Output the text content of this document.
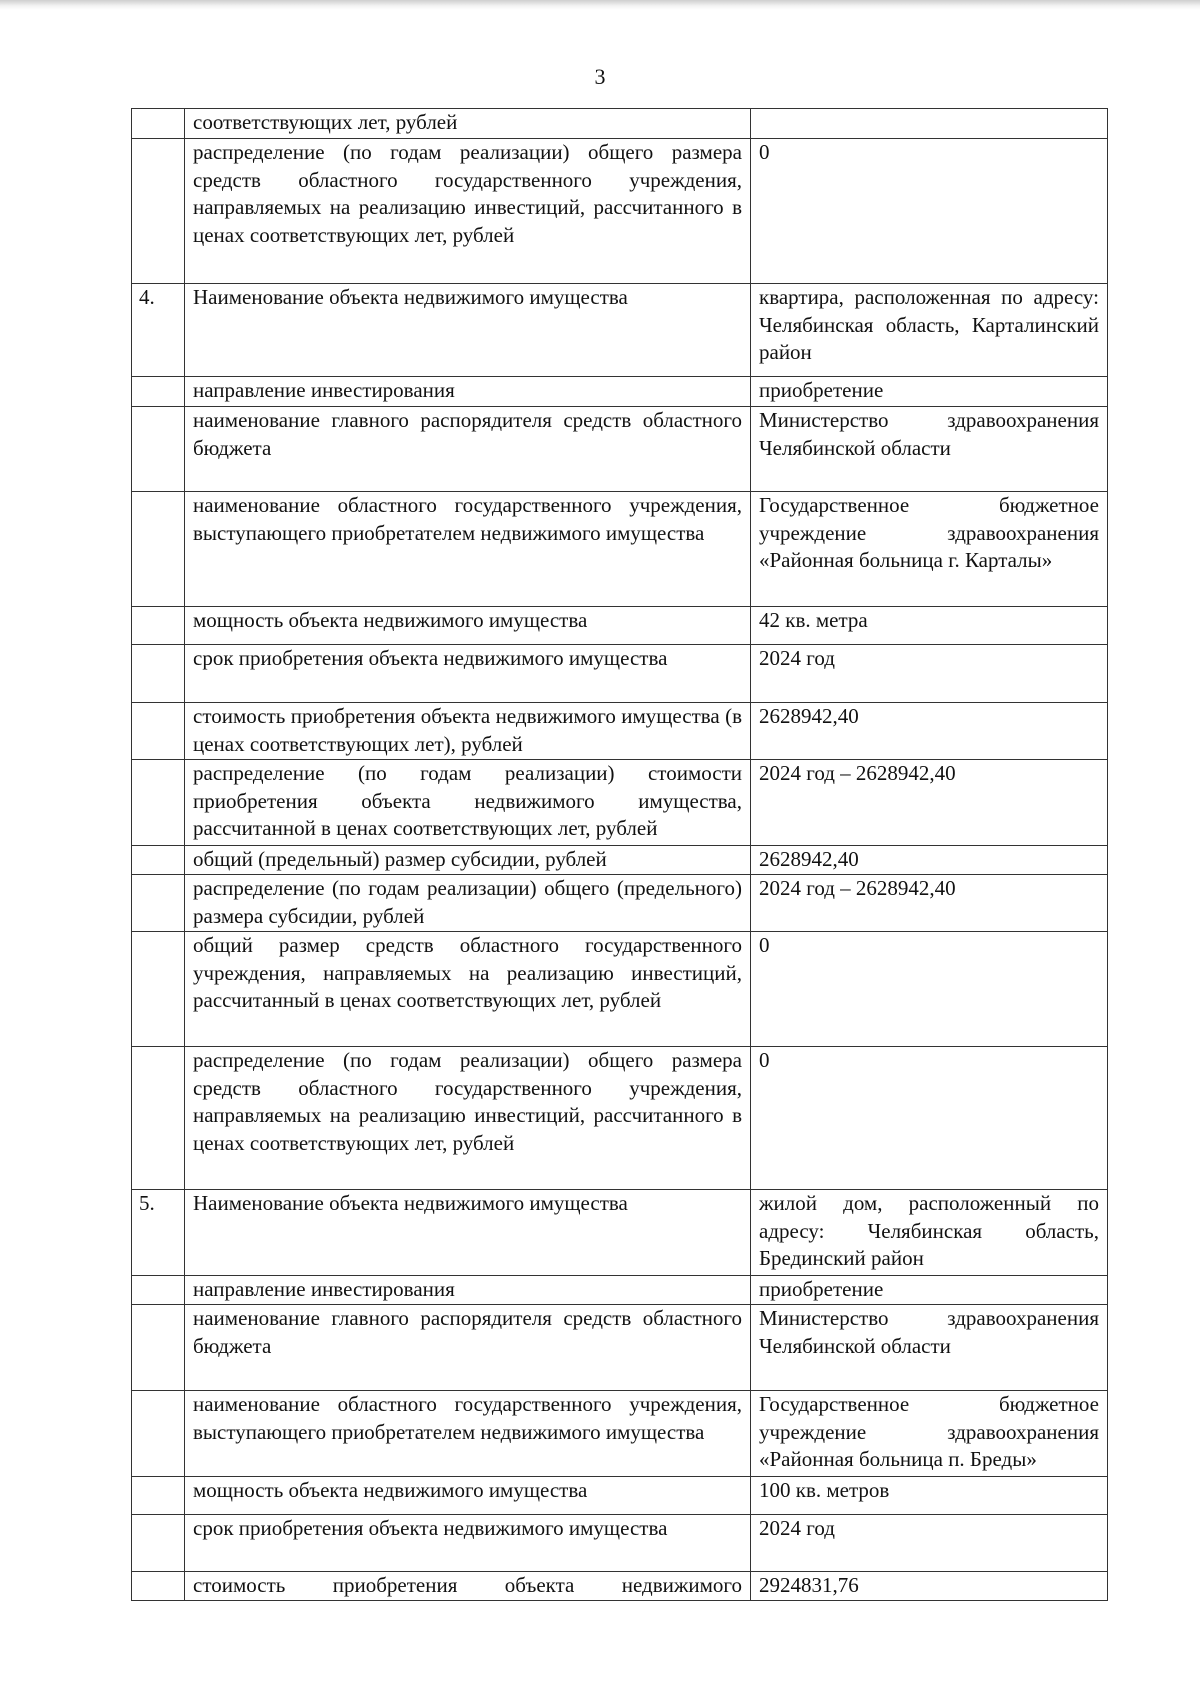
3
	соответствующих лет, рублей	
	распределение (по годам реализации) общего размера средств областного государственного учреждения, направляемых на реализацию инвестиций, рассчитанного в ценах соответствующих лет, рублей	0
4.	Наименование объекта недвижимого имущества	квартира, расположенная по адресу: Челябинская область, Карталинский район
	направление инвестирования	приобретение
	наименование главного распорядителя средств областного бюджета	Министерство здравоохранения Челябинской области
	наименование областного государственного учреждения, выступающего приобретателем недвижимого имущества	Государственное бюджетное учреждение здравоохранения «Районная больница г. Карталы»
	мощность объекта недвижимого имущества	42 кв. метра
	срок приобретения объекта недвижимого имущества	2024 год
	стоимость приобретения объекта недвижимого имущества (в ценах соответствующих лет), рублей	2628942,40
	распределение (по годам реализации) стоимости приобретения объекта недвижимого имущества, рассчитанной в ценах соответствующих лет, рублей	2024 год – 2628942,40
	общий (предельный) размер субсидии, рублей	2628942,40
	распределение (по годам реализации) общего (предельного) размера субсидии, рублей	2024 год – 2628942,40
	общий размер средств областного государственного учреждения, направляемых на реализацию инвестиций, рассчитанный в ценах соответствующих лет, рублей	0
	распределение (по годам реализации) общего размера средств областного государственного учреждения, направляемых на реализацию инвестиций, рассчитанного в ценах соответствующих лет, рублей	0
5.	Наименование объекта недвижимого имущества	жилой дом, расположенный по адресу: Челябинская область, Брединский район
	направление инвестирования	приобретение
	наименование главного распорядителя средств областного бюджета	Министерство здравоохранения Челябинской области
	наименование областного государственного учреждения, выступающего приобретателем недвижимого имущества	Государственное бюджетное учреждение здравоохранения «Районная больница п. Бреды»
	мощность объекта недвижимого имущества	100 кв. метров
	срок приобретения объекта недвижимого имущества	2024 год
	стоимость приобретения объекта недвижимого	2924831,76
